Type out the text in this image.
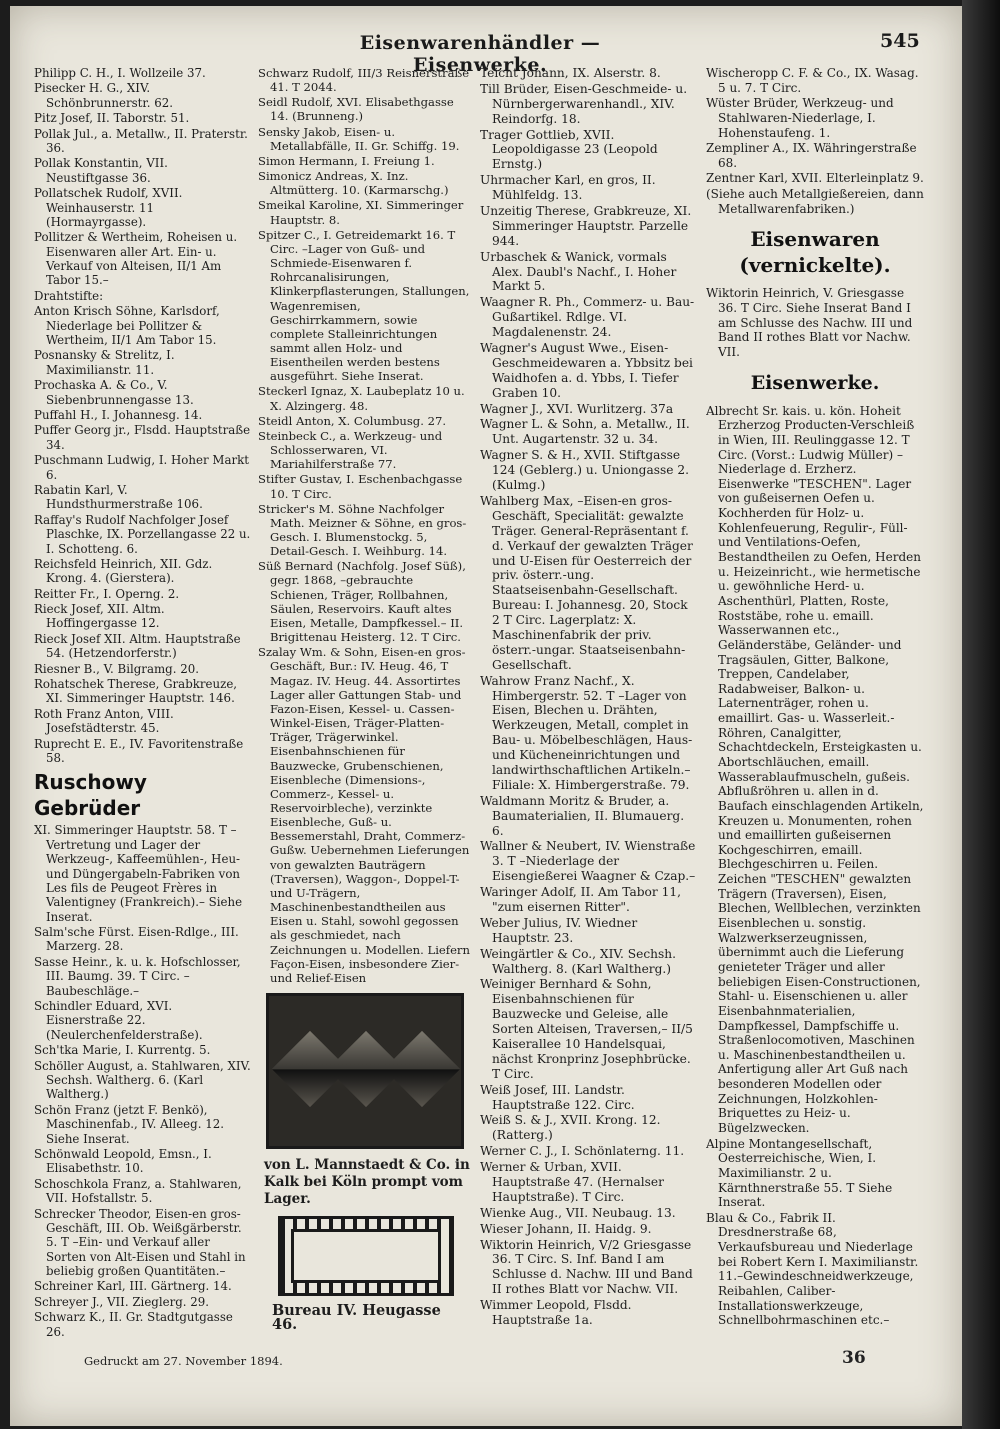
Eisenwarenhändler — Eisenwerke.
545
Philipp C. H., I. Wollzeile 37.
Pisecker H. G., XIV. Schönbrunnerstr. 62.
Pitz Josef, II. Taborstr. 51.
Pollak Jul., a. Metallw., II. Praterstr. 36.
Pollak Konstantin, VII. Neustiftgasse 36.
Pollatschek Rudolf, XVII. Weinhauserstr. 11 (Hormayrgasse).
Pollitzer & Wertheim, Roheisen u. Eisenwaren aller Art. Ein- u. Verkauf von Alteisen, II/1 Am Tabor 15.–
Drahtstifte:
Anton Krisch Söhne, Karlsdorf, Niederlage bei Pollitzer & Wertheim, II/1 Am Tabor 15.
Posnansky & Strelitz, I. Maximilianstr. 11.
Prochaska A. & Co., V. Siebenbrunnengasse 13.
Puffahl H., I. Johannesg. 14.
Puffer Georg jr., Flsdd. Hauptstraße 34.
Puschmann Ludwig, I. Hoher Markt 6.
Rabatin Karl, V. Hundsthurmerstraße 106.
Raffay's Rudolf Nachfolger Josef Plaschke, IX. Porzellangasse 22 u. I. Schotteng. 6.
Reichsfeld Heinrich, XII. Gdz. Krong. 4. (Gierstera).
Reitter Fr., I. Operng. 2.
Rieck Josef, XII. Altm. Hoffingergasse 12.
Rieck Josef XII. Altm. Hauptstraße 54. (Hetzendorferstr.)
Riesner B., V. Bilgramg. 20.
Rohatschek Therese, Grabkreuze, XI. Simmeringer Hauptstr. 146.
Roth Franz Anton, VIII. Josefstädterstr. 45.
Ruprecht E. E., IV. Favoritenstraße 58.
Ruschowy Gebrüder
XI. Simmeringer Hauptstr. 58. T –Vertretung und Lager der Werkzeug-, Kaffeemühlen-, Heu- und Düngergabeln-Fabriken von Les fils de Peugeot Frères in Valentigney (Frankreich).– Siehe Inserat.
Salm'sche Fürst. Eisen-Rdlge., III. Marzerg. 28.
Sasse Heinr., k. u. k. Hofschlosser, III. Baumg. 39. T Circ. –Baubeschläge.–
Schindler Eduard, XVI. Eisnerstraße 22. (Neulerchenfelderstraße).
Sch'tka Marie, I. Kurrentg. 5.
Schöller August, a. Stahlwaren, XIV. Sechsh. Waltherg. 6. (Karl Waltherg.)
Schön Franz (jetzt F. Benkö), Maschinenfab., IV. Alleeg. 12. Siehe Inserat.
Schönwald Leopold, Emsn., I. Elisabethstr. 10.
Schoschkola Franz, a. Stahlwaren, VII. Hofstallstr. 5.
Schrecker Theodor, Eisen-en gros-Geschäft, III. Ob. Weißgärberstr. 5. T –Ein- und Verkauf aller Sorten von Alt-Eisen und Stahl in beliebig großen Quantitäten.–
Schreiner Karl, III. Gärtnerg. 14.
Schreyer J., VII. Zieglerg. 29.
Schwarz K., II. Gr. Stadtgutgasse 26.
Schwarz Rudolf, III/3 Reisnerstraße 41. T 2044.
Seidl Rudolf, XVI. Elisabethgasse 14. (Brunneng.)
Sensky Jakob, Eisen- u. Metallabfälle, II. Gr. Schiffg. 19.
Simon Hermann, I. Freiung 1.
Simonicz Andreas, X. Inz. Altmütterg. 10. (Karmarschg.)
Smeikal Karoline, XI. Simmeringer Hauptstr. 8.
Spitzer C., I. Getreidemarkt 16. T Circ. –Lager von Guß- und Schmiede-Eisenwaren f. Rohrcanalisirungen, Klinkerpflasterungen, Stallungen, Wagenremisen, Geschirrkammern, sowie complete Stalleinrichtungen sammt allen Holz- und Eisentheilen werden bestens ausgeführt. Siehe Inserat.
Steckerl Ignaz, X. Laubeplatz 10 u. X. Alzingerg. 48.
Steidl Anton, X. Columbusg. 27.
Steinbeck C., a. Werkzeug- und Schlosserwaren, VI. Mariahilferstraße 77.
Stifter Gustav, I. Eschenbachgasse 10. T Circ.
Stricker's M. Söhne Nachfolger Math. Meizner & Söhne, en gros-Gesch. I. Blumenstockg. 5, Detail-Gesch. I. Weihburg. 14.
Süß Bernard (Nachfolg. Josef Süß), gegr. 1868, –gebrauchte Schienen, Träger, Rollbahnen, Säulen, Reservoirs. Kauft altes Eisen, Metalle, Dampfkessel.– II. Brigittenau Heisterg. 12. T Circ.
Szalay Wm. & Sohn, Eisen-en gros-Geschäft, Bur.: IV. Heug. 46, T Magaz. IV. Heug. 44. Assortirtes Lager aller Gattungen Stab- und Fazon-Eisen, Kessel- u. Cassen-Winkel-Eisen, Träger-Platten-Träger, Trägerwinkel. Eisenbahnschienen für Bauzwecke, Grubenschienen, Eisenbleche (Dimensions-, Commerz-, Kessel- u. Reservoirbleche), verzinkte Eisenbleche, Guß- u. Bessemerstahl, Draht, Commerz-Gußw. Uebernehmen Lieferungen von gewalzten Bauträgern (Traversen), Waggon-, Doppel-T- und U-Trägern, Maschinenbestandtheilen aus Eisen u. Stahl, sowohl gegossen als geschmiedet, nach Zeichnungen u. Modellen. Liefern Façon-Eisen, insbesondere Zier- und Relief-Eisen
von L. Mannstaedt & Co. in Kalk bei Köln prompt vom Lager.
Bureau IV. Heugasse 46.
Teicht Johann, IX. Alserstr. 8.
Till Brüder, Eisen-Geschmeide- u. Nürnbergerwarenhandl., XIV. Reindorfg. 18.
Trager Gottlieb, XVII. Leopoldigasse 23 (Leopold Ernstg.)
Uhrmacher Karl, en gros, II. Mühlfeldg. 13.
Unzeitig Therese, Grabkreuze, XI. Simmeringer Hauptstr. Parzelle 944.
Urbaschek & Wanick, vormals Alex. Daubl's Nachf., I. Hoher Markt 5.
Waagner R. Ph., Commerz- u. Bau-Gußartikel. Rdlge. VI. Magdalenenstr. 24.
Wagner's August Wwe., Eisen-Geschmeidewaren a. Ybbsitz bei Waidhofen a. d. Ybbs, I. Tiefer Graben 10.
Wagner J., XVI. Wurlitzerg. 37a
Wagner L. & Sohn, a. Metallw., II. Unt. Augartenstr. 32 u. 34.
Wagner S. & H., XVII. Stiftgasse 124 (Geblerg.) u. Uniongasse 2. (Kulmg.)
Wahlberg Max, –Eisen-en gros-Geschäft, Specialität: gewalzte Träger. General-Repräsentant f. d. Verkauf der gewalzten Träger und U-Eisen für Oesterreich der priv. österr.-ung. Staatseisenbahn-Gesellschaft. Bureau: I. Johannesg. 20, Stock 2 T Circ. Lagerplatz: X. Maschinenfabrik der priv. österr.-ungar. Staatseisenbahn-Gesellschaft.
Wahrow Franz Nachf., X. Himbergerstr. 52. T –Lager von Eisen, Blechen u. Drähten, Werkzeugen, Metall, complet in Bau- u. Möbelbeschlägen, Haus- und Kücheneinrichtungen und landwirthschaftlichen Artikeln.– Filiale: X. Himbergerstraße. 79.
Waldmann Moritz & Bruder, a. Baumaterialien, II. Blumauerg. 6.
Wallner & Neubert, IV. Wienstraße 3. T –Niederlage der Eisengießerei Waagner & Czap.–
Waringer Adolf, II. Am Tabor 11, "zum eisernen Ritter".
Weber Julius, IV. Wiedner Hauptstr. 23.
Weingärtler & Co., XIV. Sechsh. Waltherg. 8. (Karl Waltherg.)
Weiniger Bernhard & Sohn, Eisenbahnschienen für Bauzwecke und Geleise, alle Sorten Alteisen, Traversen,– II/5 Kaiserallee 10 Handelsquai, nächst Kronprinz Josephbrücke. T Circ.
Weiß Josef, III. Landstr. Hauptstraße 122. Circ.
Weiß S. & J., XVII. Krong. 12. (Ratterg.)
Werner C. J., I. Schönlaterng. 11.
Werner & Urban, XVII. Hauptstraße 47. (Hernalser Hauptstraße). T Circ.
Wienke Aug., VII. Neubaug. 13.
Wieser Johann, II. Haidg. 9.
Wiktorin Heinrich, V/2 Griesgasse 36. T Circ. S. Inf. Band I am Schlusse d. Nachw. III und Band II rothes Blatt vor Nachw. VII.
Wimmer Leopold, Flsdd. Hauptstraße 1a.
Wischeropp C. F. & Co., IX. Wasag. 5 u. 7. T Circ.
Wüster Brüder, Werkzeug- und Stahlwaren-Niederlage, I. Hohenstaufeng. 1.
Zempliner A., IX. Währingerstraße 68.
Zentner Karl, XVII. Elterleinplatz 9.
(Siehe auch Metallgießereien, dann Metallwarenfabriken.)
Eisenwaren (vernickelte).
Wiktorin Heinrich, V. Griesgasse 36. T Circ. Siehe Inserat Band I am Schlusse des Nachw. III und Band II rothes Blatt vor Nachw. VII.
Eisenwerke.
Albrecht Sr. kais. u. kön. Hoheit Erzherzog Producten-Verschleiß in Wien, III. Reulinggasse 12. T Circ. (Vorst.: Ludwig Müller) –Niederlage d. Erzherz. Eisenwerke "TESCHEN". Lager von gußeisernen Oefen u. Kochherden für Holz- u. Kohlenfeuerung, Regulir-, Füll- und Ventilations-Oefen, Bestandtheilen zu Oefen, Herden u. Heizeinricht., wie hermetische u. gewöhnliche Herd- u. Aschenthürl, Platten, Roste, Roststäbe, rohe u. emaill. Wasserwannen etc., Geländerstäbe, Geländer- und Tragsäulen, Gitter, Balkone, Treppen, Candelaber, Radabweiser, Balkon- u. Laternenträger, rohen u. emaillirt. Gas- u. Wasserleit.-Röhren, Canalgitter, Schachtdeckeln, Ersteigkasten u. Abortschläuchen, emaill. Wasserablaufmuscheln, gußeis. Abflußröhren u. allen in d. Baufach einschlagenden Artikeln, Kreuzen u. Monumenten, rohen und emaillirten gußeisernen Kochgeschirren, emaill. Blechgeschirren u. Feilen. Zeichen "TESCHEN" gewalzten Trägern (Traversen), Eisen, Blechen, Wellblechen, verzinkten Eisenblechen u. sonstig. Walzwerkserzeugnissen, übernimmt auch die Lieferung genieteter Träger und aller beliebigen Eisen-Constructionen, Stahl- u. Eisenschienen u. aller Eisenbahnmaterialien, Dampfkessel, Dampfschiffe u. Straßenlocomotiven, Maschinen u. Maschinenbestandtheilen u. Anfertigung aller Art Guß nach besonderen Modellen oder Zeichnungen, Holzkohlen-Briquettes zu Heiz- u. Bügelzwecken.
Alpine Montangesellschaft, Oesterreichische, Wien, I. Maximilianstr. 2 u. Kärnthnerstraße 55. T Siehe Inserat.
Blau & Co., Fabrik II. Dresdnerstraße 68, Verkaufsbureau und Niederlage bei Robert Kern I. Maximilianstr. 11.–Gewindeschneidwerkzeuge, Reibahlen, Caliber-Installationswerkzeuge, Schnellbohrmaschinen etc.–
Gedruckt am 27. November 1894.	36
